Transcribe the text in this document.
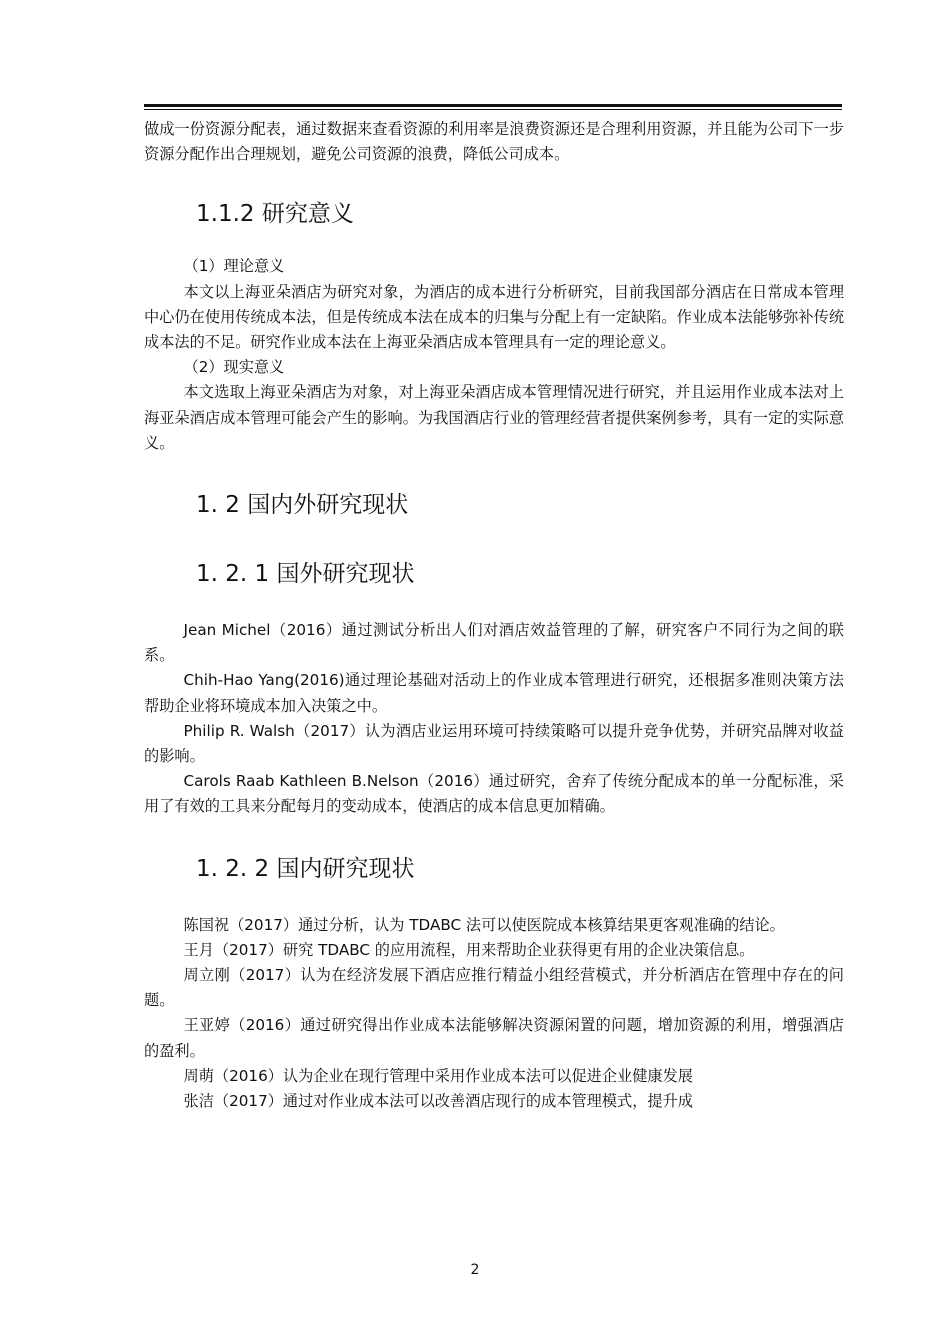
做成一份资源分配表，通过数据来查看资源的利用率是浪费资源还是合理利用资源，并且能为公司下一步资源分配作出合理规划，避免公司资源的浪费，降低公司成本。

1.1.2 研究意义

（1）理论意义

本文以上海亚朵酒店为研究对象，为酒店的成本进行分析研究，目前我国部分酒店在日常成本管理中心仍在使用传统成本法，但是传统成本法在成本的归集与分配上有一定缺陷。作业成本法能够弥补传统成本法的不足。研究作业成本法在上海亚朵酒店成本管理具有一定的理论意义。

（2）现实意义

本文选取上海亚朵酒店为对象，对上海亚朵酒店成本管理情况进行研究，并且运用作业成本法对上海亚朵酒店成本管理可能会产生的影响。为我国酒店行业的管理经营者提供案例参考，具有一定的实际意义。

1. 2 国内外研究现状
1. 2. 1 国外研究现状

Jean Michel（2016）通过测试分析出人们对酒店效益管理的了解，研究客户不同行为之间的联系。

Chih-Hao Yang(2016)通过理论基础对活动上的作业成本管理进行研究，还根据多准则决策方法帮助企业将环境成本加入决策之中。

Philip R. Walsh（2017）认为酒店业运用环境可持续策略可以提升竞争优势，并研究品牌对收益的影响。

Carols Raab Kathleen B.Nelson（2016）通过研究，舍弃了传统分配成本的单一分配标准，采用了有效的工具来分配每月的变动成本，使酒店的成本信息更加精确。

1. 2. 2 国内研究现状

陈国祝（2017）通过分析，认为 TDABC 法可以使医院成本核算结果更客观准确的结论。

王月（2017）研究 TDABC 的应用流程，用来帮助企业获得更有用的企业决策信息。

周立刚（2017）认为在经济发展下酒店应推行精益小组经营模式，并分析酒店在管理中存在的问题。

王亚婷（2016）通过研究得出作业成本法能够解决资源闲置的问题，增加资源的利用，增强酒店的盈利。

周萌（2016）认为企业在现行管理中采用作业成本法可以促进企业健康发展

张洁（2017）通过对作业成本法可以改善酒店现行的成本管理模式，提升成

2
